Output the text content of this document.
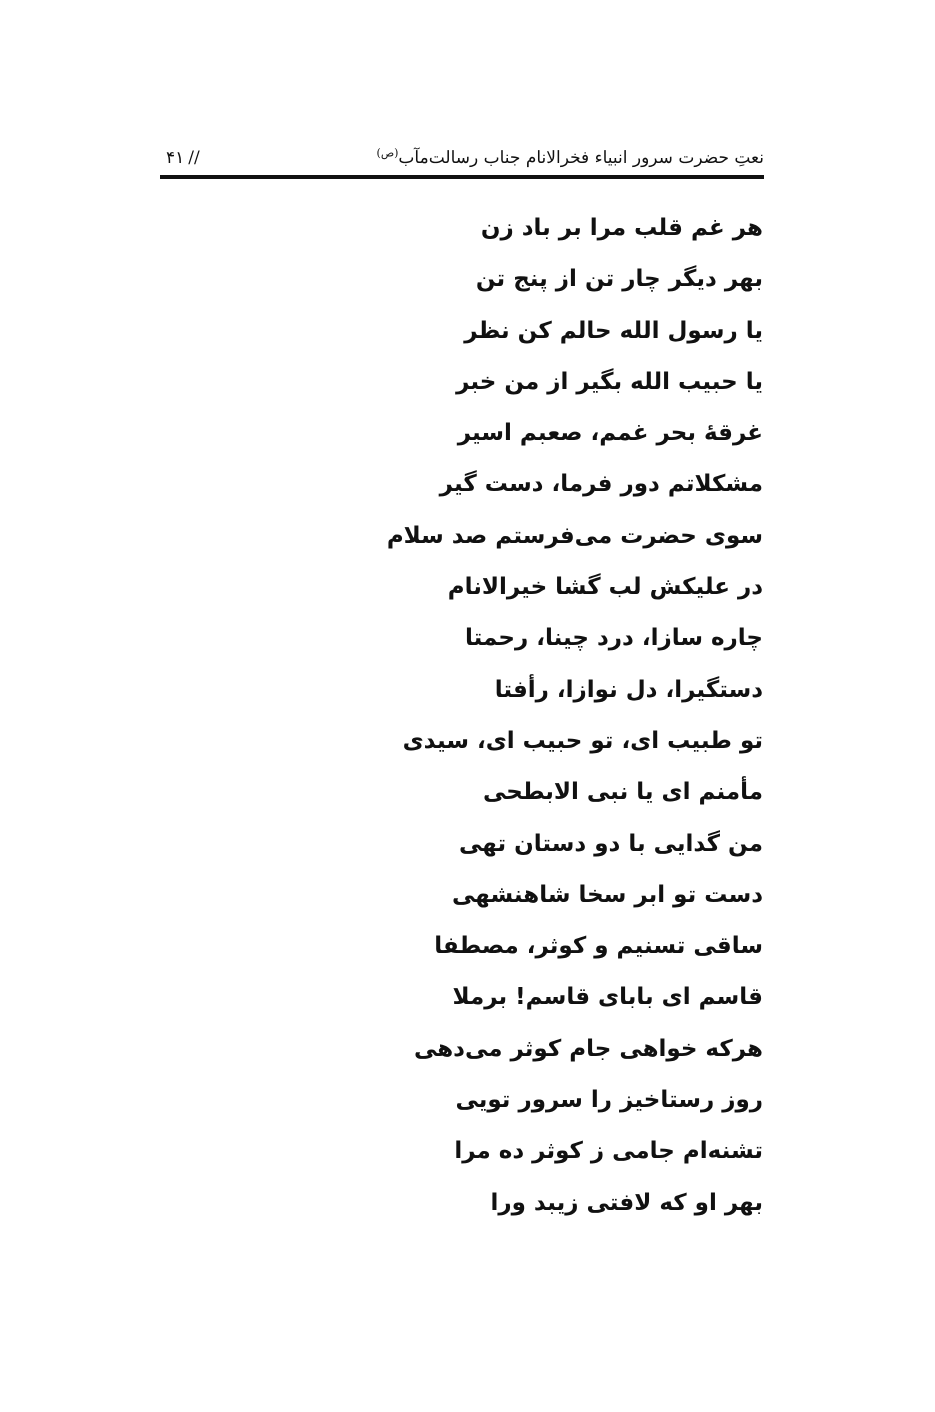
نعتِ حضرت سرور انبیاء فخرالانام جناب رسالت‌مآب$^{(ص)}$
۴۱ //
هر غم قلب مرا بر باد زن
بهر دیگر چار تن از پنج تن
یا رسول الله حالم کن نظر
یا حبیب الله بگیر از من خبر
غرقهٔ بحر غمم، صعبم اسیر
مشکلاتم دور فرما، دست گیر
سوی حضرت می‌فرستم صد سلام
در علیکش لب گشا خیرالانام
چاره سازا، درد چینا، رحمتا
دستگیرا، دل نوازا، رأفتا
تو طبیب ای، تو حبیب ای، سیدی
مأمنم ای یا نبی الابطحی
من گدایی با دو دستان تهی
دست تو ابر سخا شاهنشهی
ساقی تسنیم و کوثر، مصطفا
قاسم ای بابای قاسم! برملا
هرکه خواهی جام کوثر می‌دهی
روز رستاخیز را سرور تویی
تشنه‌ام جامی ز کوثر ده مرا
بهر او که لافتی زیبد ورا
